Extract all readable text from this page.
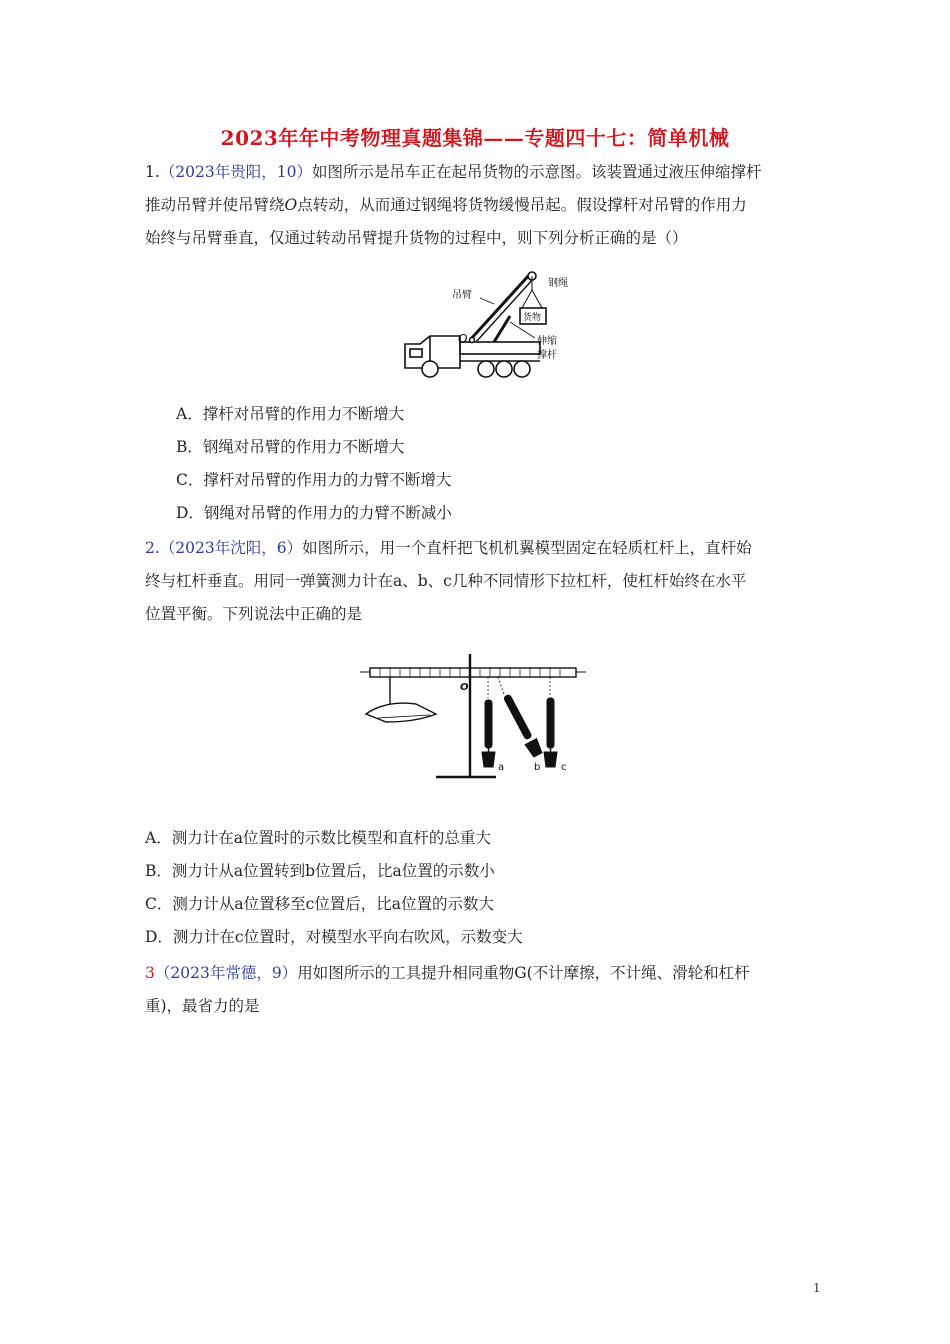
2023年年中考物理真题集锦——专题四十七：简单机械
1.（2023年贵阳，10）如图所示是吊车正在起吊货物的示意图。该装置通过液压伸缩撑杆
推动吊臂并使吊臂绕O点转动，从而通过钢绳将货物缓慢吊起。假设撑杆对吊臂的作用力
始终与吊臂垂直，仅通过转动吊臂提升货物的过程中，则下列分析正确的是（）
吊臂
钢绳
货物
O	伸缩
撑杆
A．撑杆对吊臂的作用力不断增大
B．钢绳对吊臂的作用力不断增大
C．撑杆对吊臂的作用力的力臂不断增大
D．钢绳对吊臂的作用力的力臂不断减小
2.（2023年沈阳，6）如图所示，用一个直杆把飞机机翼模型固定在轻质杠杆上，直杆始
终与杠杆垂直。用同一弹簧测力计在a、b、c几种不同情形下拉杠杆，使杠杆始终在水平
位置平衡。下列说法中正确的是
O
a	b c
A．测力计在a位置时的示数比模型和直杆的总重大
B．测力计从a位置转到b位置后，比a位置的示数小
C．测力计从a位置移至c位置后，比a位置的示数大
D．测力计在c位置时，对模型水平向右吹风，示数变大
3（2023年常德，9）用如图所示的工具提升相同重物G(不计摩擦，不计绳、滑轮和杠杆
重)，最省力的是
1
